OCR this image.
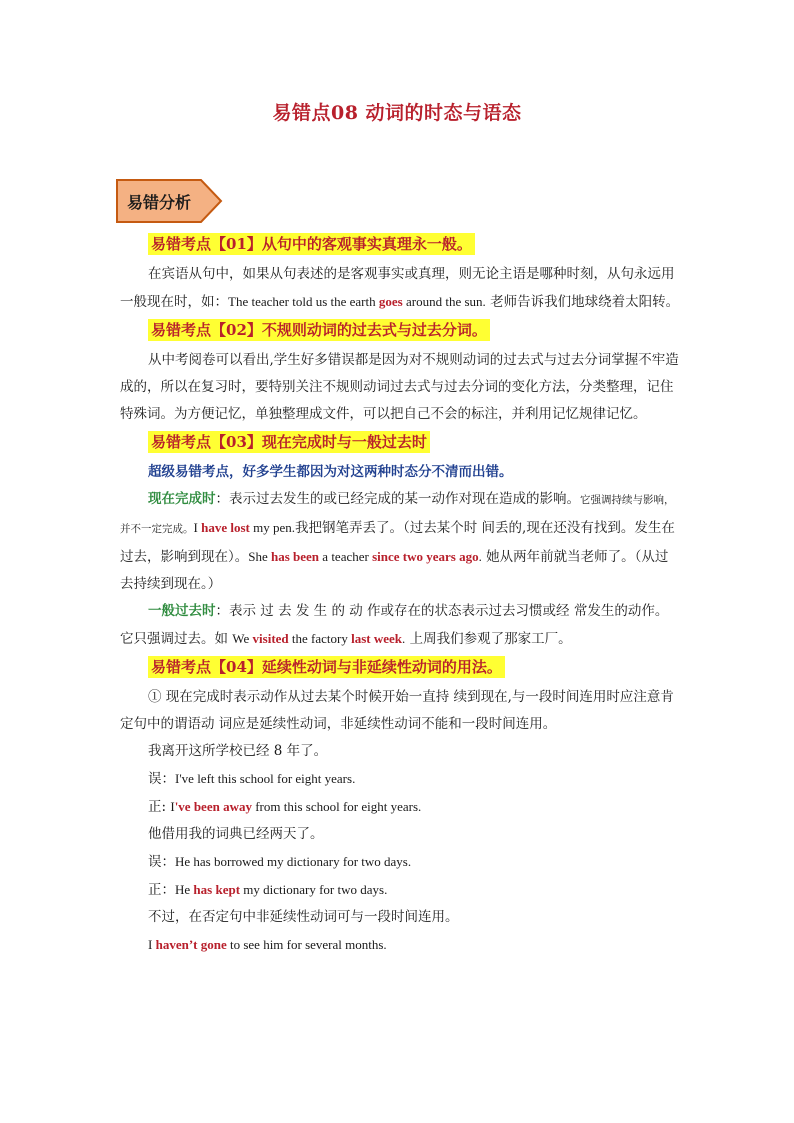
易错点08 动词的时态与语态
易错分析
易错考点【01】从句中的客观事实真理永一般。

在宾语从句中，如果从句表述的是客观事实或真理，则无论主语是哪种时刻，从句永远用一般现在时，如：The teacher told us the earth goes around the sun. 老师告诉我们地球绕着太阳转。

易错考点【02】不规则动词的过去式与过去分词。

从中考阅卷可以看出,学生好多错误都是因为对不规则动词的过去式与过去分词掌握不牢造 成的，所以在复习时，要特别关注不规则动词过去式与过去分词的变化方法，分类整理，记住特殊词。为方便记忆，单独整理成文件，可以把自己不会的标注，并利用记忆规律记忆。

易错考点【03】现在完成时与一般过去时

超级易错考点，好多学生都因为对这两种时态分不清而出错。

现在完成时：表示过去发生的或已经完成的某一动作对现在造成的影响。它强调持续与影响，并不一定完成。I have lost my pen.我把钢笔弄丢了。（过去某个时 间丢的,现在还没有找到。发生在过去，影响到现在）。She has been a teacher since two years ago. 她从两年前就当老师了。（从过去持续到现在。）

一般过去时：表示 过 去 发 生 的 动 作或存在的状态表示过去习惯或经 常发生的动作。它只强调过去。如 We visited the factory last week. 上周我们参观了那家工厂。

易错考点【04】延续性动词与非延续性动词的用法。

① 现在完成时表示动作从过去某个时候开始一直持 续到现在,与一段时间连用时应注意肯定句中的谓语动 词应是延续性动词，非延续性动词不能和一段时间连用。

我离开这所学校已经 8 年了。

误：I've left this school for eight years.

正: I've been away from this school for eight years.

他借用我的词典已经两天了。

误：He has borrowed my dictionary for two days.

正：He has kept my dictionary for two days.

不过，在否定句中非延续性动词可与一段时间连用。

I haven’t gone to see him for several months.
